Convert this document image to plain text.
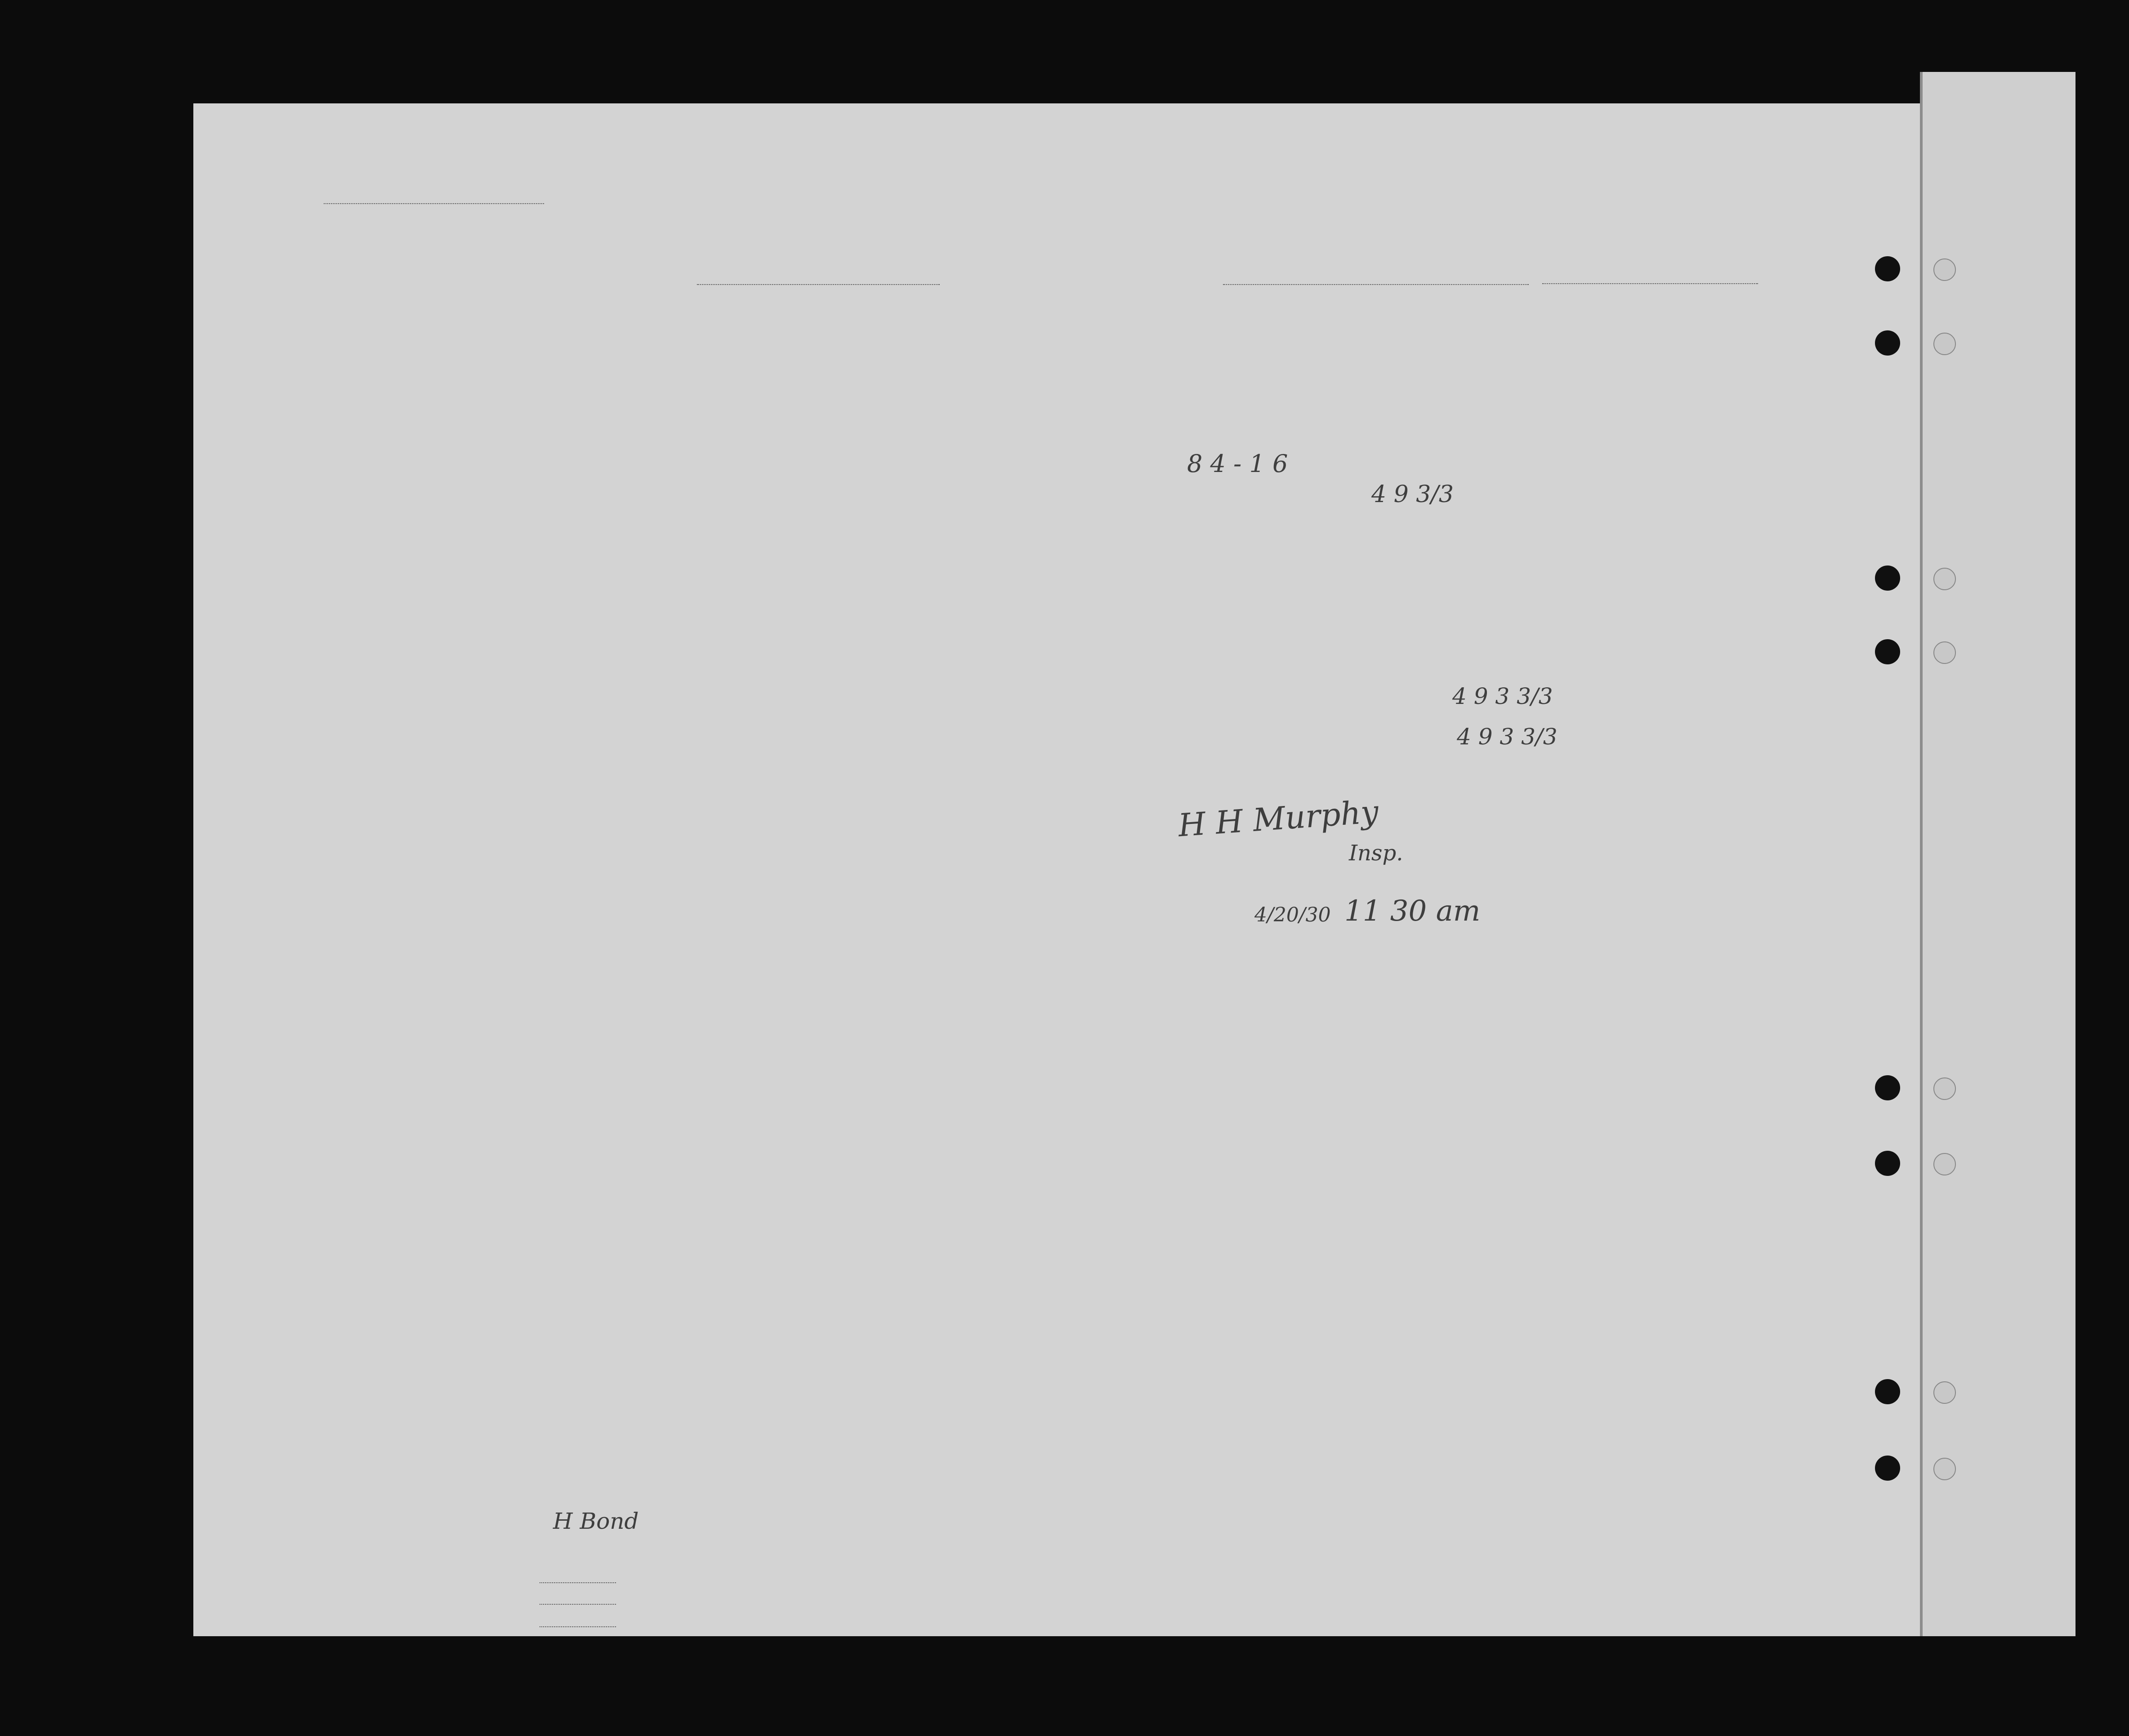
8 4 - 1 6
4 9 3/3
4 9 3 3/3
4 9 3 3/3
H H Murphy
Insp.
4/20/30 11 30 am
H Bond
